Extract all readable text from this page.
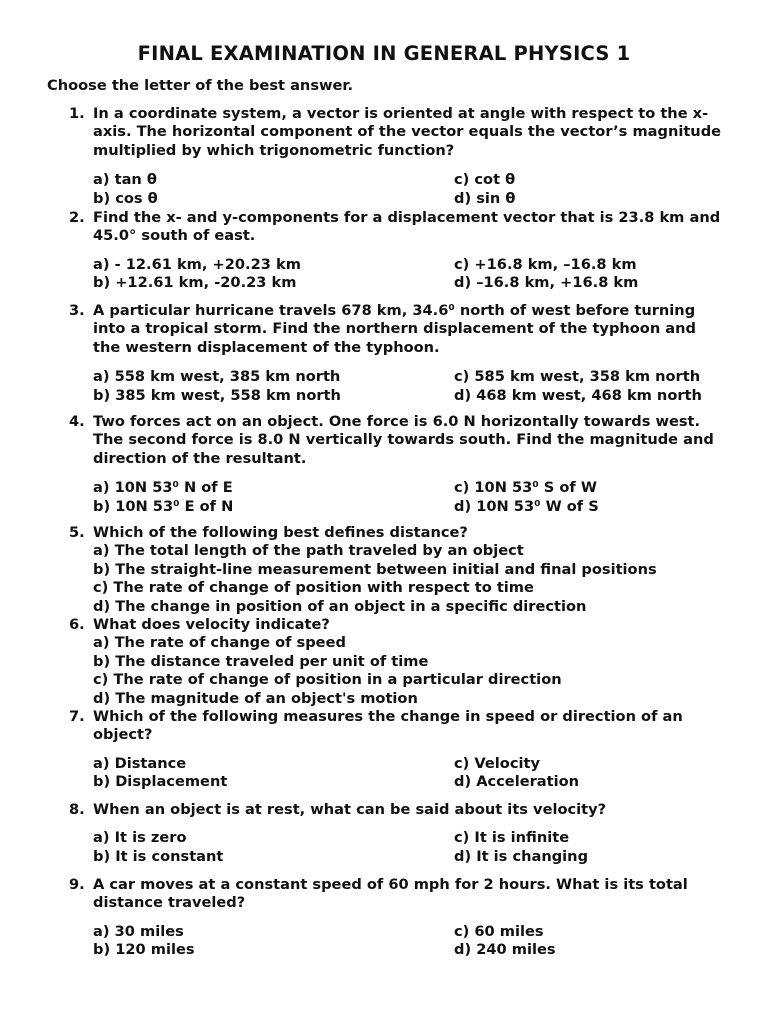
FINAL EXAMINATION IN GENERAL PHYSICS 1
Choose the letter of the best answer.
1. In a coordinate system, a vector is oriented at angle with respect to the x-axis. The horizontal component of the vector equals the vector’s magnitude multiplied by which trigonometric function?
a) tan θ	c) cot θ
b) cos θ	d) sin θ
2. Find the x- and y-components for a displacement vector that is 23.8 km and 45.0° south of east.
a) - 12.61 km, +20.23 km	c) +16.8 km, –16.8 km
b) +12.61 km, -20.23 km	d) –16.8 km, +16.8 km
3. A particular hurricane travels 678 km, 34.6⁰ north of west before turning into a tropical storm. Find the northern displacement of the typhoon and the western displacement of the typhoon.
a) 558 km west, 385 km north	c) 585 km west, 358 km north
b) 385 km west, 558 km north	d) 468 km west, 468 km north
4. Two forces act on an object. One force is 6.0 N horizontally towards west. The second force is 8.0 N vertically towards south. Find the magnitude and direction of the resultant.
a) 10N 53⁰ N of E	c) 10N 53⁰ S of W
b) 10N 53⁰ E of N	d) 10N 53⁰ W of S
5. Which of the following best defines distance?
a) The total length of the path traveled by an object
b) The straight-line measurement between initial and final positions
c) The rate of change of position with respect to time
d) The change in position of an object in a specific direction
6. What does velocity indicate?
a) The rate of change of speed
b) The distance traveled per unit of time
c) The rate of change of position in a particular direction
d) The magnitude of an object's motion
7. Which of the following measures the change in speed or direction of an object?
a) Distance	c) Velocity
b) Displacement	d) Acceleration
8. When an object is at rest, what can be said about its velocity?
a) It is zero	c) It is infinite
b) It is constant	d) It is changing
9. A car moves at a constant speed of 60 mph for 2 hours. What is its total distance traveled?
a) 30 miles	c) 60 miles
b) 120 miles	d) 240 miles
